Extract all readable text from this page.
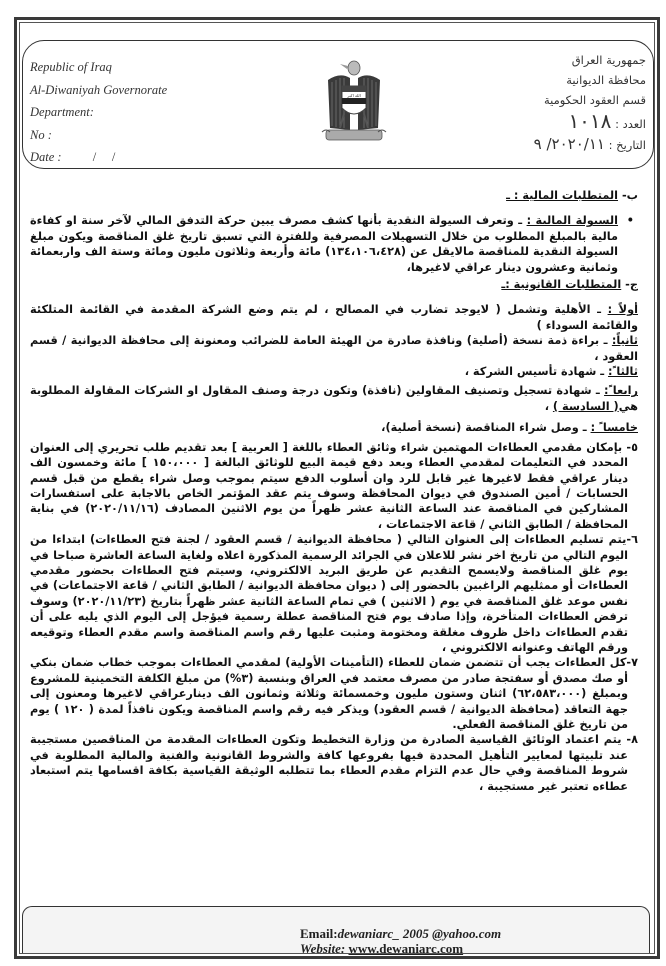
Republic of Iraq
Al-Diwaniyah Governorate
Department:
No :
Date : /     /
الله اكبر
جمهورية العراق
محافظة الديوانية
قسم العقود الحكومية
العدد : ١٠١٨
التاريخ : ٢٠٢٠/١١/ ٩

ب- المتطلبات المالية : ـ

• السيولة المالية : ـ وتعرف السيولة النقدية بأنها كشف مصرف يبين حركة التدفق المالي لآخر سنة او كفاءة مالية بالمبلغ المطلوب من خلال التسهيلات المصرفية وللفترة التي تسبق تاريخ غلق المناقصة ويكون مبلغ السيولة النقدية للمناقصة مالايقل عن (١٣٤،١٠٦،٤٢٨) مائة وأربعة وثلاثون مليون ومائة وستة الف واربعمائة وثمانية وعشرون دينار عراقي لاغيرها،

ج- المتطلبات القانونية :ـ

أولاً : ـ الأهلية وتشمل ( لايوجد تضارب في المصالح ، لم يتم وضع الشركة المقدمة في القائمة المتلكئة والقائمة السوداء )

ثانياً: ـ براءة ذمة نسخة (أصلية) ونافذة صادرة من الهيئة العامة للضرائب ومعنونة إلى محافظة الديوانية / قسم العقود ،

ثالثا ً: ـ شهادة تأسيس الشركة ،

رابعا ً: ـ شهادة تسجيل وتصنيف المقاولين (نافذة) وتكون درجة وصنف المقاول او الشركات المقاولة المطلوبة هي( السادسة ) ،

خامسا ً : ـ وصل شراء المناقصة (نسخة أصلية)،

٥- بإمكان مقدمي العطاءات المهتمين شراء وثائق العطاء باللغة [ العربية ] بعد تقديم طلب تحريري إلى العنوان المحدد في التعليمات لمقدمي العطاء وبعد دفع قيمة البيع للوثائق البالغة [ ١٥٠،٠٠٠ ] مائة وخمسون الف دينار عراقي فقط لاغيرها غير قابل للرد وان أسلوب الدفع سيتم بموجب وصل شراء يقطع من قبل قسم الحسابات / أمين الصندوق في ديوان المحافظة وسوف يتم عقد المؤتمر الخاص بالاجابة على استفسارات المشاركين في المناقصة عند الساعة الثانية عشر ظهراً من يوم الاثنين المصادف (٢٠٢٠/١١/١٦) في بناية المحافظة / الطابق الثاني / قاعة الاجتماعات ،

٦-يتم تسليم العطاءات إلى العنوان التالي ( محافظة الديوانية / قسم العقود / لجنة فتح العطاءات) ابتداءا من اليوم التالي من تاريخ اخر نشر للاعلان في الجرائد الرسمية المذكورة اعلاه ولغاية الساعة العاشرة صباحا في يوم غلق المناقصة ولايسمح التقديم عن طريق البريد الالكتروني، وسيتم فتح العطاءات بحضور مقدمي العطاءات أو ممثليهم الراغبين بالحضور إلى ( ديوان محافظة الديوانية / الطابق الثاني / قاعة الاجتماعات) في نفس موعد غلق المناقصة في يوم ( الاثنين ) في تمام الساعة الثانية عشر ظهراً بتاريخ (٢٠٢٠/١١/٢٣) وسوف ترفض العطاءات المتأخرة، وإذا صادف يوم فتح المناقصة عطلة رسمية فيؤجل إلى اليوم الذي يليه على أن تقدم العطاءات داخل ظروف مغلقة ومختومة ومثبت عليها رقم واسم المناقصة واسم مقدم العطاء وتوقيعه ورقم الهاتف وعنوانه الالكتروني ،

٧-كل العطاءات يجب أن تتضمن ضمان للعطاء (التأمينات الأولية) لمقدمي العطاءات بموجب خطاب ضمان بنكي أو صك مصدق أو سفتجة صادر من مصرف معتمد في العراق وبنسبة (٣%) من مبلغ الكلفة التخمينية للمشروع وبمبلغ (٦٢،٥٨٣،٠٠٠) اثنان وستون مليون وخمسمائة وثلاثة وثمانون الف دينارعراقي لاغيرها ومعنون إلى جهة التعاقد (محافظة الديوانية / قسم العقود) ويذكر فيه رقم واسم المناقصة ويكون نافذاً لمدة ( ١٢٠ ) يوم من تاريخ غلق المناقصة الفعلي.

٨- يتم اعتماد الوثائق القياسية الصادرة من وزارة التخطيط وتكون العطاءات المقدمة من المناقصين مستجيبة عند تلبيتها لمعايير التأهيل المحددة فيها بفروعها كافة والشروط القانونية والفنية والمالية المطلوبة في شروط المناقصة وفي حال عدم التزام مقدم العطاء بما تتطلبه الوثيقة القياسية بكافة اقسامها يتم استبعاد عطاءه تعتبر غير مستجيبة ،

Email:dewaniarc_ 2005 @yahoo.com
Website: www.dewaniarc.com
